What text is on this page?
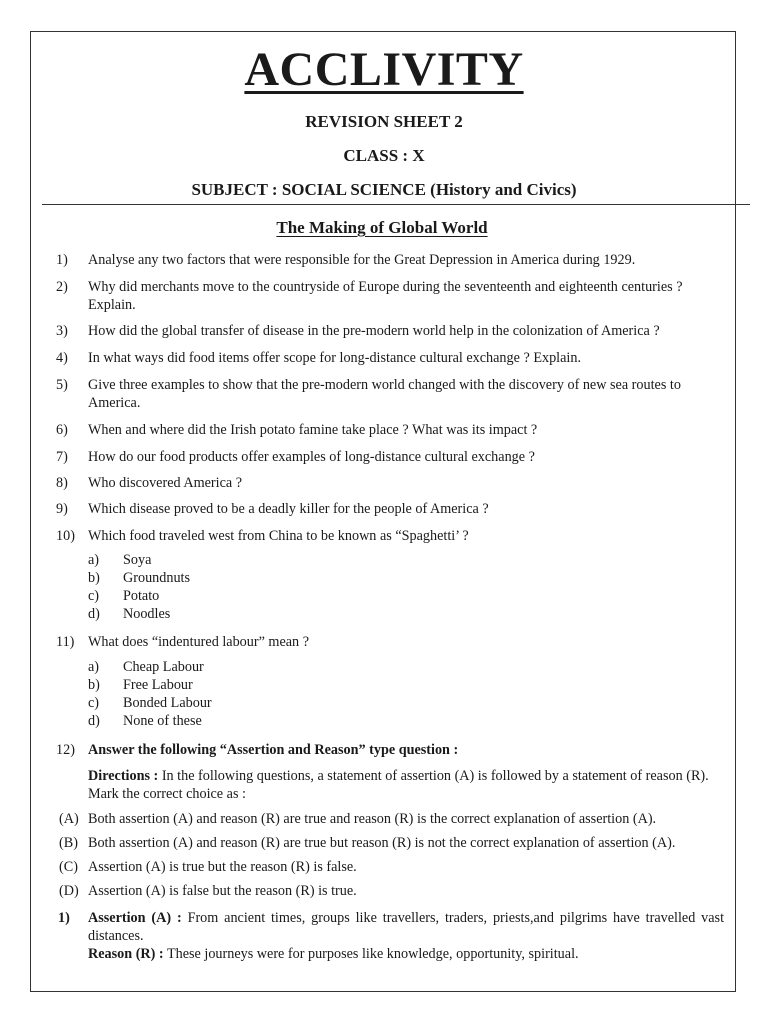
ACCLIVITY
REVISION SHEET 2
CLASS : X
SUBJECT : SOCIAL SCIENCE (History and Civics)
The Making of Global World
1) Analyse any two factors that were responsible for the Great Depression in America during 1929.
2) Why did merchants move to the countryside of Europe during the seventeenth and eighteenth centuries ? Explain.
3) How did the global transfer of disease in the pre-modern world help in the colonization of America ?
4) In what ways did food items offer scope for long-distance cultural exchange ? Explain.
5) Give three examples to show that the pre-modern world changed with the discovery of new sea routes to America.
6) When and where did the Irish potato famine take place ? What was its impact ?
7) How do our food products offer examples of long-distance cultural exchange ?
8) Who discovered America ?
9) Which disease proved to be a deadly killer for the people of America ?
10) Which food traveled west from China to be known as “Spaghetti’ ?
a) Soya
b) Groundnuts
c) Potato
d) Noodles
11) What does “indentured labour” mean ?
a) Cheap Labour
b) Free Labour
c) Bonded Labour
d) None of these
12) Answer the following “Assertion and Reason” type question :
Directions : In the following questions, a statement of assertion (A) is followed by a statement of reason (R). Mark the correct choice as :
(A) Both assertion (A) and reason (R) are true and reason (R) is the correct explanation of assertion (A).
(B) Both assertion (A) and reason (R) are true but reason (R) is not the correct explanation of assertion (A).
(C) Assertion (A) is true but the reason (R) is false.
(D) Assertion (A) is false but the reason (R) is true.
1) Assertion (A) : From ancient times, groups like travellers, traders, priests,and pilgrims have travelled vast distances.
Reason (R) : These journeys were for purposes like knowledge, opportunity, spiritual.
